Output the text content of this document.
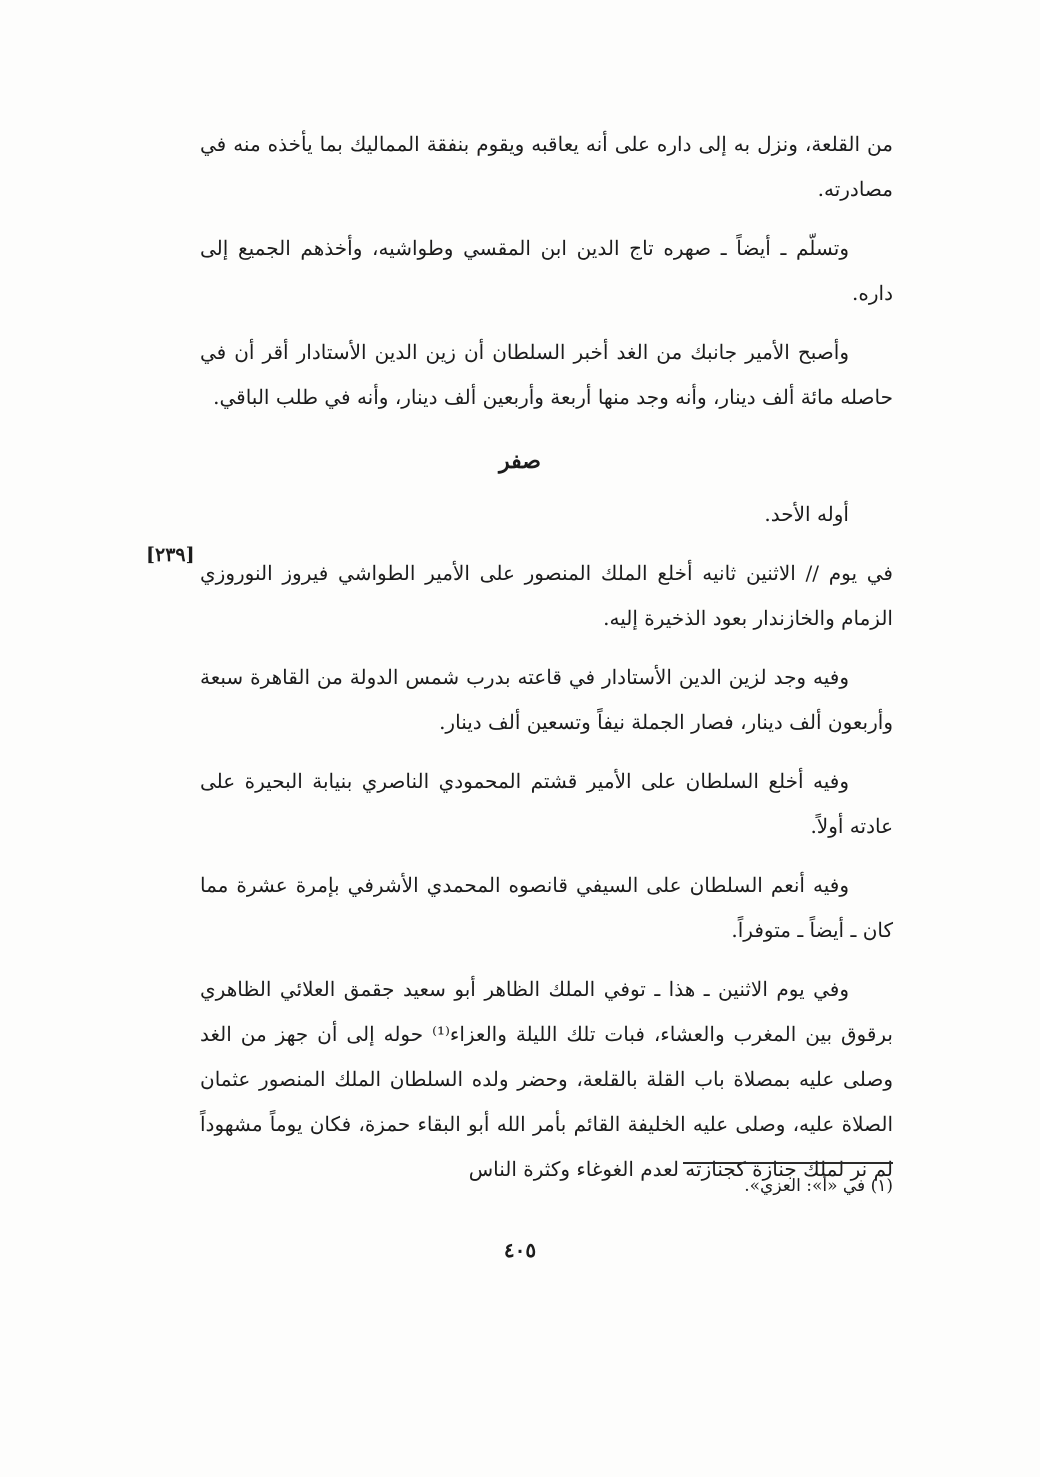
من القلعة، ونزل به إلى داره على أنه يعاقبه ويقوم بنفقة المماليك بما يأخذه منه في مصادرته.

وتسلّم ـ أيضاً ـ صهره تاج الدين ابن المقسي وطواشيه، وأخذهم الجميع إلى داره.

وأصبح الأمير جانبك من الغد أخبر السلطان أن زين الدين الأستادار أقر أن في حاصله مائة ألف دينار، وأنه وجد منها أربعة وأربعين ألف دينار، وأنه في طلب الباقي.

صفر

أوله الأحد.

في يوم // الاثنين ثانيه أخلع الملك المنصور على الأمير الطواشي فيروز النوروزي الزمام والخازندار بعود الذخيرة إليه.

وفيه وجد لزين الدين الأستادار في قاعته بدرب شمس الدولة من القاهرة سبعة وأربعون ألف دينار، فصار الجملة نيفاً وتسعين ألف دينار.

وفيه أخلع السلطان على الأمير قشتم المحمودي الناصري بنيابة البحيرة على عادته أولاً.

وفيه أنعم السلطان على السيفي قانصوه المحمدي الأشرفي بإمرة عشرة مما كان ـ أيضاً ـ متوفراً.

وفي يوم الاثنين ـ هذا ـ توفي الملك الظاهر أبو سعيد جقمق العلائي الظاهري برقوق بين المغرب والعشاء، فبات تلك الليلة والعزاء⁽¹⁾ حوله إلى أن جهز من الغد وصلى عليه بمصلاة باب القلة بالقلعة، وحضر ولده السلطان الملك المنصور عثمان الصلاة عليه، وصلى عليه الخليفة القائم بأمر الله أبو البقاء حمزة، فكان يوماً مشهوداً لم نر لملك جنازة كجنازته لعدم الغوغاء وكثرة الناس

[٢٣٩]
(١) في «أ»: العزي».
٤٠٥
